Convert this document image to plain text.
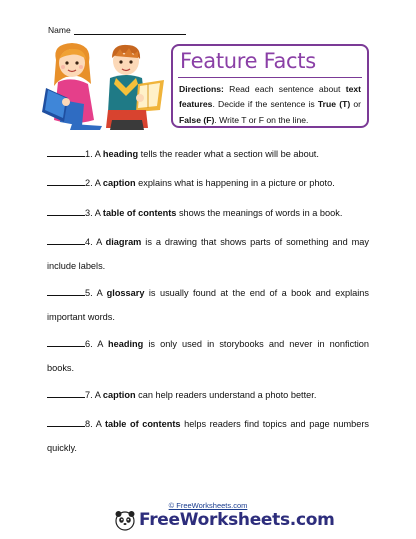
Name
Feature Facts
Directions: Read each sentence about text features. Decide if the sentence is True (T) or False (F). Write T or F on the line.
1. A heading tells the reader what a section will be about.
2. A caption explains what is happening in a picture or photo.
3. A table of contents shows the meanings of words in a book.
4. A diagram is a drawing that shows parts of something and may include labels.
5. A glossary is usually found at the end of a book and explains important words.
6. A heading is only used in storybooks and never in nonfiction books.
7. A caption can help readers understand a photo better.
8. A table of contents helps readers find topics and page numbers quickly.
© FreeWorksheets.com
FreeWorksheets.com
